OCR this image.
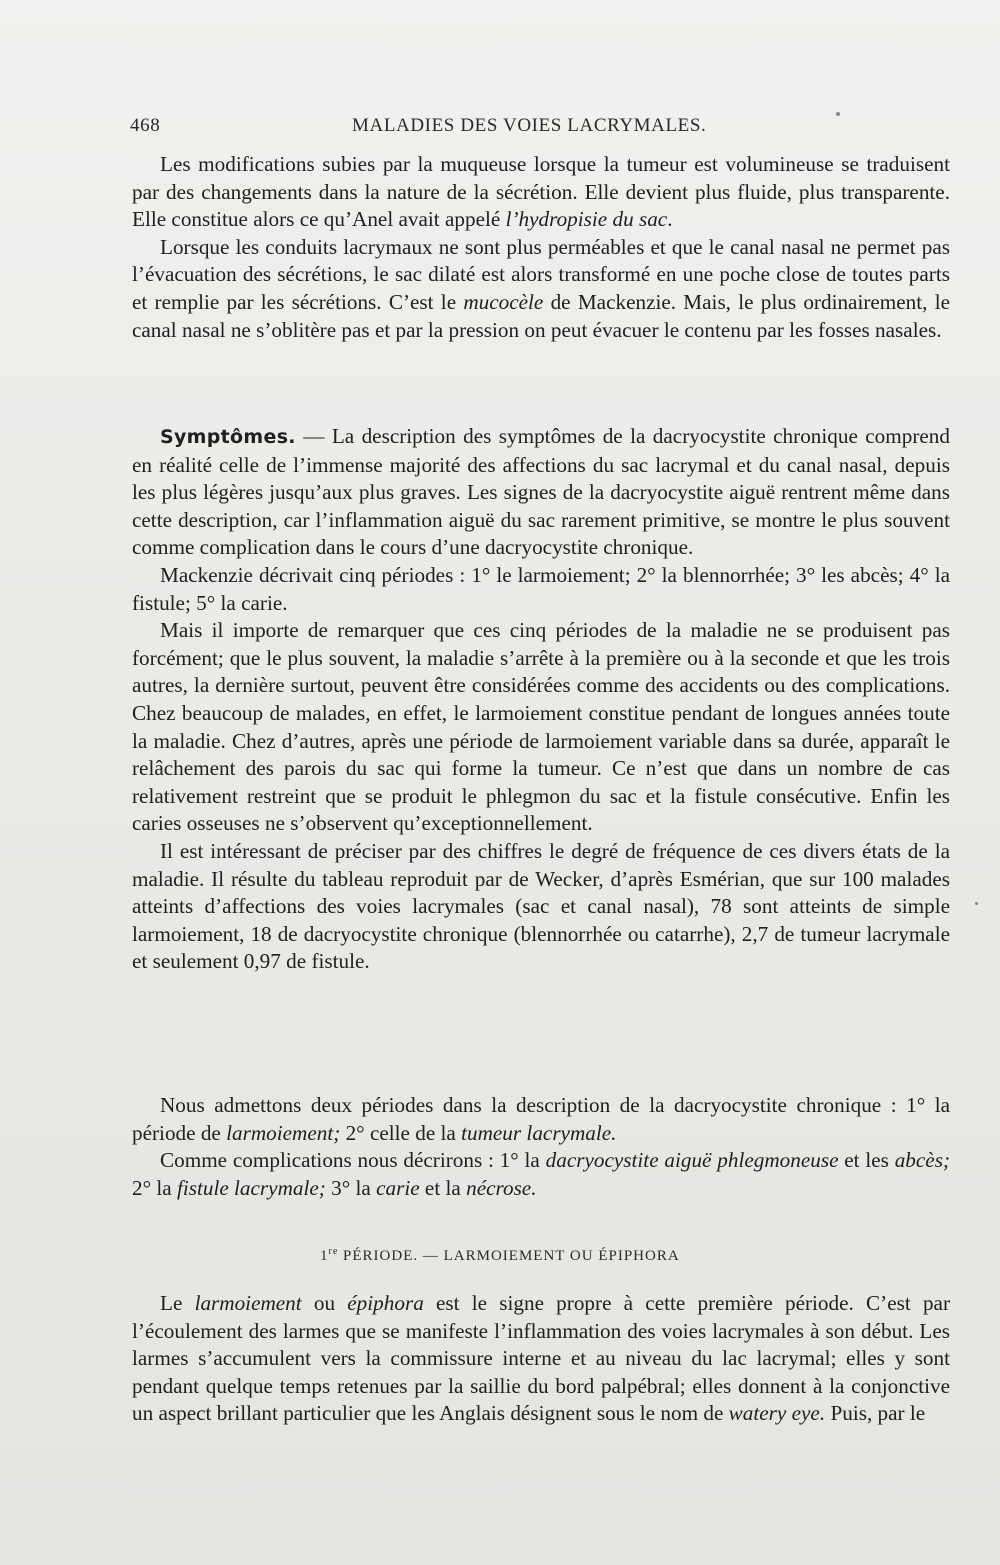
468	MALADIES DES VOIES LACRYMALES.

Les modifications subies par la muqueuse lorsque la tumeur est volumineuse se traduisent par des changements dans la nature de la sécrétion. Elle devient plus fluide, plus transparente. Elle constitue alors ce qu’Anel avait appelé l’hydropisie du sac.

Lorsque les conduits lacrymaux ne sont plus perméables et que le canal nasal ne permet pas l’évacuation des sécrétions, le sac dilaté est alors transformé en une poche close de toutes parts et remplie par les sécrétions. C’est le mucocèle de Mackenzie. Mais, le plus ordinairement, le canal nasal ne s’oblitère pas et par la pression on peut évacuer le contenu par les fosses nasales.

Symptômes. — La description des symptômes de la dacryocystite chronique comprend en réalité celle de l’immense majorité des affections du sac lacrymal et du canal nasal, depuis les plus légères jusqu’aux plus graves. Les signes de la dacryocystite aiguë rentrent même dans cette description, car l’inflammation aiguë du sac rarement primitive, se montre le plus souvent comme complication dans le cours d’une dacryocystite chronique.

Mackenzie décrivait cinq périodes : 1° le larmoiement; 2° la blennorrhée; 3° les abcès; 4° la fistule; 5° la carie.

Mais il importe de remarquer que ces cinq périodes de la maladie ne se produisent pas forcément; que le plus souvent, la maladie s’arrête à la première ou à la seconde et que les trois autres, la dernière surtout, peuvent être considérées comme des accidents ou des complications. Chez beaucoup de malades, en effet, le larmoiement constitue pendant de longues années toute la maladie. Chez d’autres, après une période de larmoiement variable dans sa durée, apparaît le relâchement des parois du sac qui forme la tumeur. Ce n’est que dans un nombre de cas relativement restreint que se produit le phlegmon du sac et la fistule consécutive. Enfin les caries osseuses ne s’observent qu’exceptionnellement.

Il est intéressant de préciser par des chiffres le degré de fréquence de ces divers états de la maladie. Il résulte du tableau reproduit par de Wecker, d’après Esmérian, que sur 100 malades atteints d’affections des voies lacrymales (sac et canal nasal), 78 sont atteints de simple larmoiement, 18 de dacryocystite chronique (blennorrhée ou catarrhe), 2,7 de tumeur lacrymale et seulement 0,97 de fistule.

Nous admettons deux périodes dans la description de la dacryocystite chronique : 1° la période de larmoiement; 2° celle de la tumeur lacrymale.

Comme complications nous décrirons : 1° la dacryocystite aiguë phlegmoneuse et les abcès; 2° la fistule lacrymale; 3° la carie et la nécrose.

1re PÉRIODE. — LARMOIEMENT OU ÉPIPHORA

Le larmoiement ou épiphora est le signe propre à cette première période. C’est par l’écoulement des larmes que se manifeste l’inflammation des voies lacrymales à son début. Les larmes s’accumulent vers la commissure interne et au niveau du lac lacrymal; elles y sont pendant quelque temps retenues par la saillie du bord palpébral; elles donnent à la conjonctive un aspect brillant particulier que les Anglais désignent sous le nom de watery eye. Puis, par le
